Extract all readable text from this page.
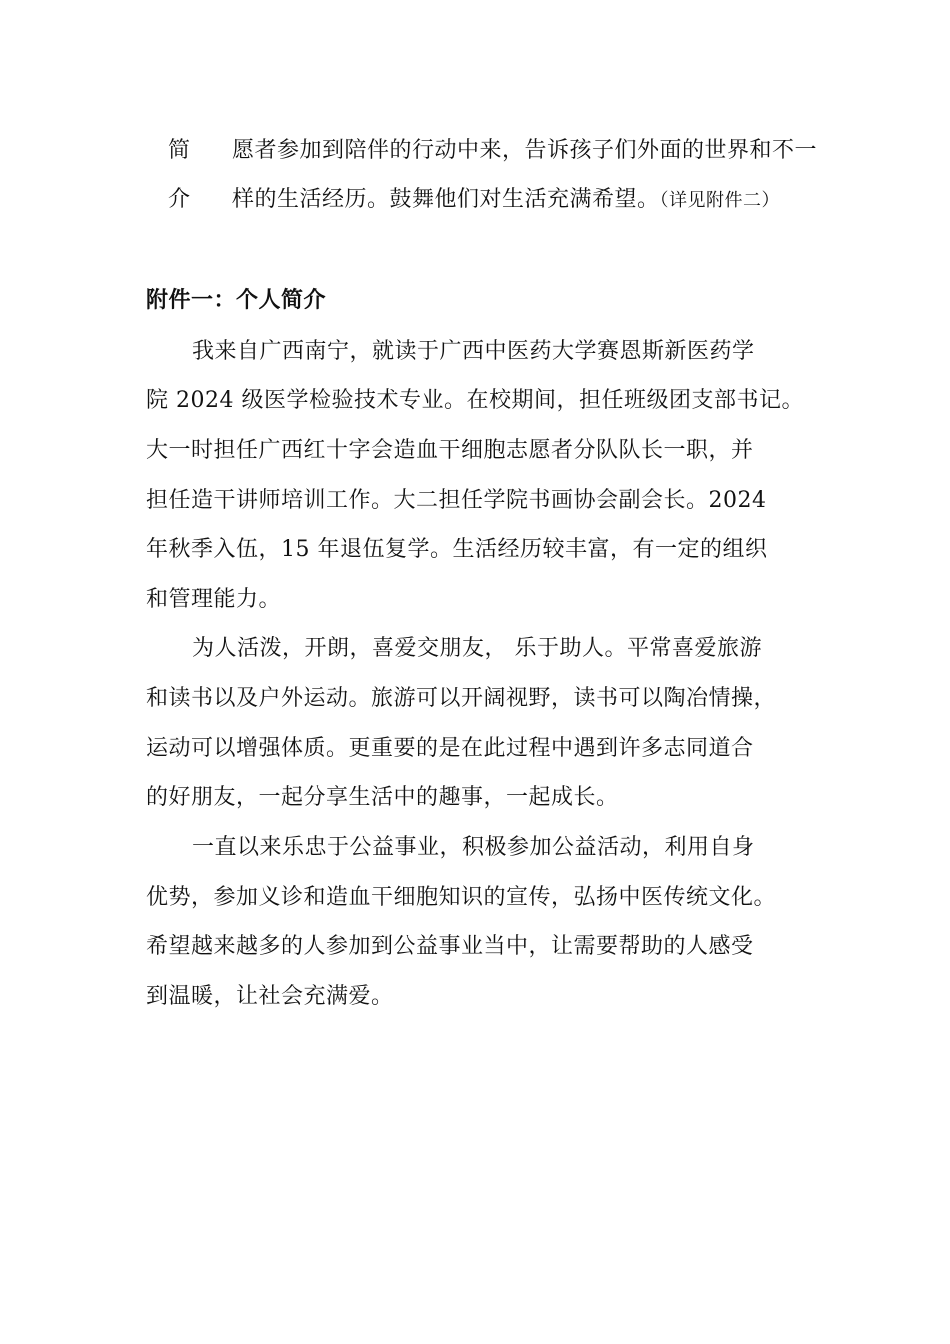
简
介
愿者参加到陪伴的行动中来，告诉孩子们外面的世界和不一
样的生活经历。鼓舞他们对生活充满希望。（详见附件二）
附件一：个人简介
我来自广西南宁，就读于广西中医药大学赛恩斯新医药学
院 2024 级医学检验技术专业。在校期间，担任班级团支部书记。
大一时担任广西红十字会造血干细胞志愿者分队队长一职，并
担任造干讲师培训工作。大二担任学院书画协会副会长。2024
年秋季入伍，15 年退伍复学。生活经历较丰富，有一定的组织
和管理能力。
为人活泼，开朗，喜爱交朋友， 乐于助人。平常喜爱旅游
和读书以及户外运动。旅游可以开阔视野，读书可以陶冶情操，
运动可以增强体质。更重要的是在此过程中遇到许多志同道合
的好朋友，一起分享生活中的趣事，一起成长。
一直以来乐忠于公益事业，积极参加公益活动，利用自身
优势，参加义诊和造血干细胞知识的宣传，弘扬中医传统文化。
希望越来越多的人参加到公益事业当中，让需要帮助的人感受
到温暖，让社会充满爱。
